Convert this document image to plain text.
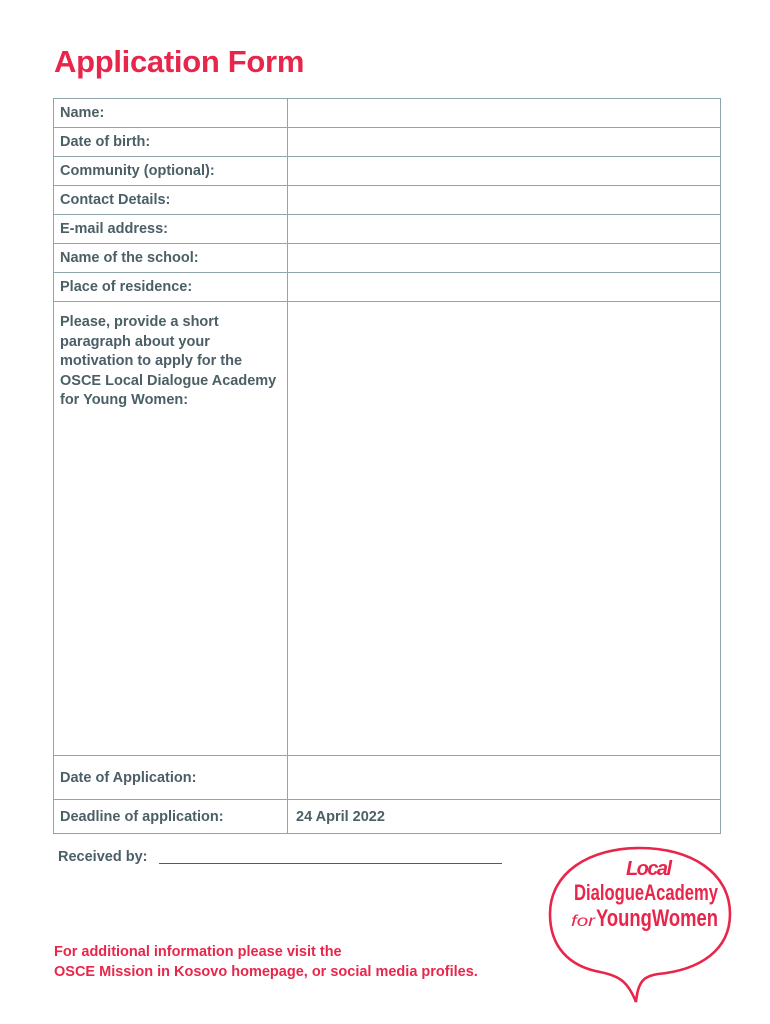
Application Form
Name:	
Date of birth:	
Community (optional):	
Contact Details:	
E-mail address:	
Name of the school:	
Place of residence:	

Please, provide a short
paragraph about your
motivation to apply for the
OSCE Local Dialogue Academy
for Young Women:	

Date of Application:	
Deadline of application:	24 April 2022
Received by:
For additional information please visit the
OSCE Mission in Kosovo homepage, or social media profiles.
Local
DialogueAcademy
for YoungWomen
